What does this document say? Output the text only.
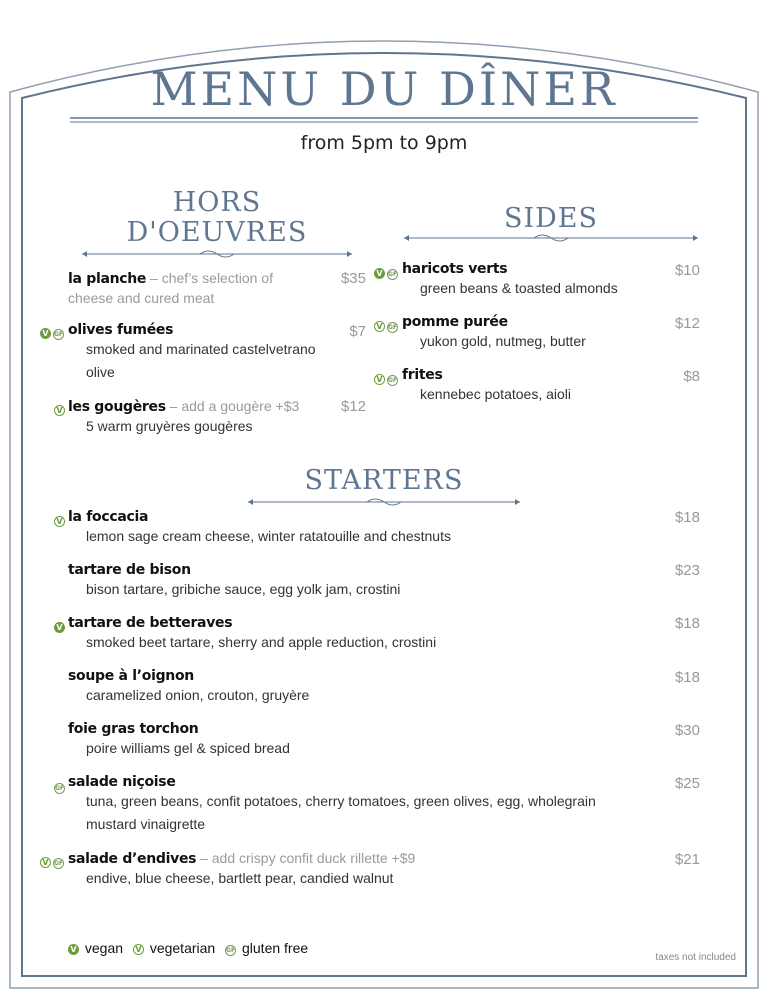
MENU DU DÎNER
from 5pm to 9pm
HORS
D'OEUVRES	SIDES
la planche – chef’s selection of
cheese and cured meat
$35
V GF olives fumées
smoked and marinated castelvetrano
olive
$7
V les gougères – add a gougère +$3
5 warm gruyères gougères
$12
V GF haricots verts
green beans & toasted almonds
$10
V GF pomme purée
yukon gold, nutmeg, butter
$12
V GF frites
kennebec potatoes, aioli
$8
STARTERS
V la foccacia
lemon sage cream cheese, winter ratatouille and chestnuts
$18
tartare de bison
bison tartare, gribiche sauce, egg yolk jam, crostini
$23
V tartare de betteraves
smoked beet tartare, sherry and apple reduction, crostini
$18
soupe à l’oignon
caramelized onion, crouton, gruyère
$18
foie gras torchon
poire williams gel & spiced bread
$30
GF salade niçoise
tuna, green beans, confit potatoes, cherry tomatoes, green olives, egg, wholegrain
mustard vinaigrette
$25
V GF salade d’endives – add crispy confit duck rillette +$9
endive, blue cheese, bartlett pear, candied walnut
$21
V vegan V vegetarian GF gluten free
taxes not included
